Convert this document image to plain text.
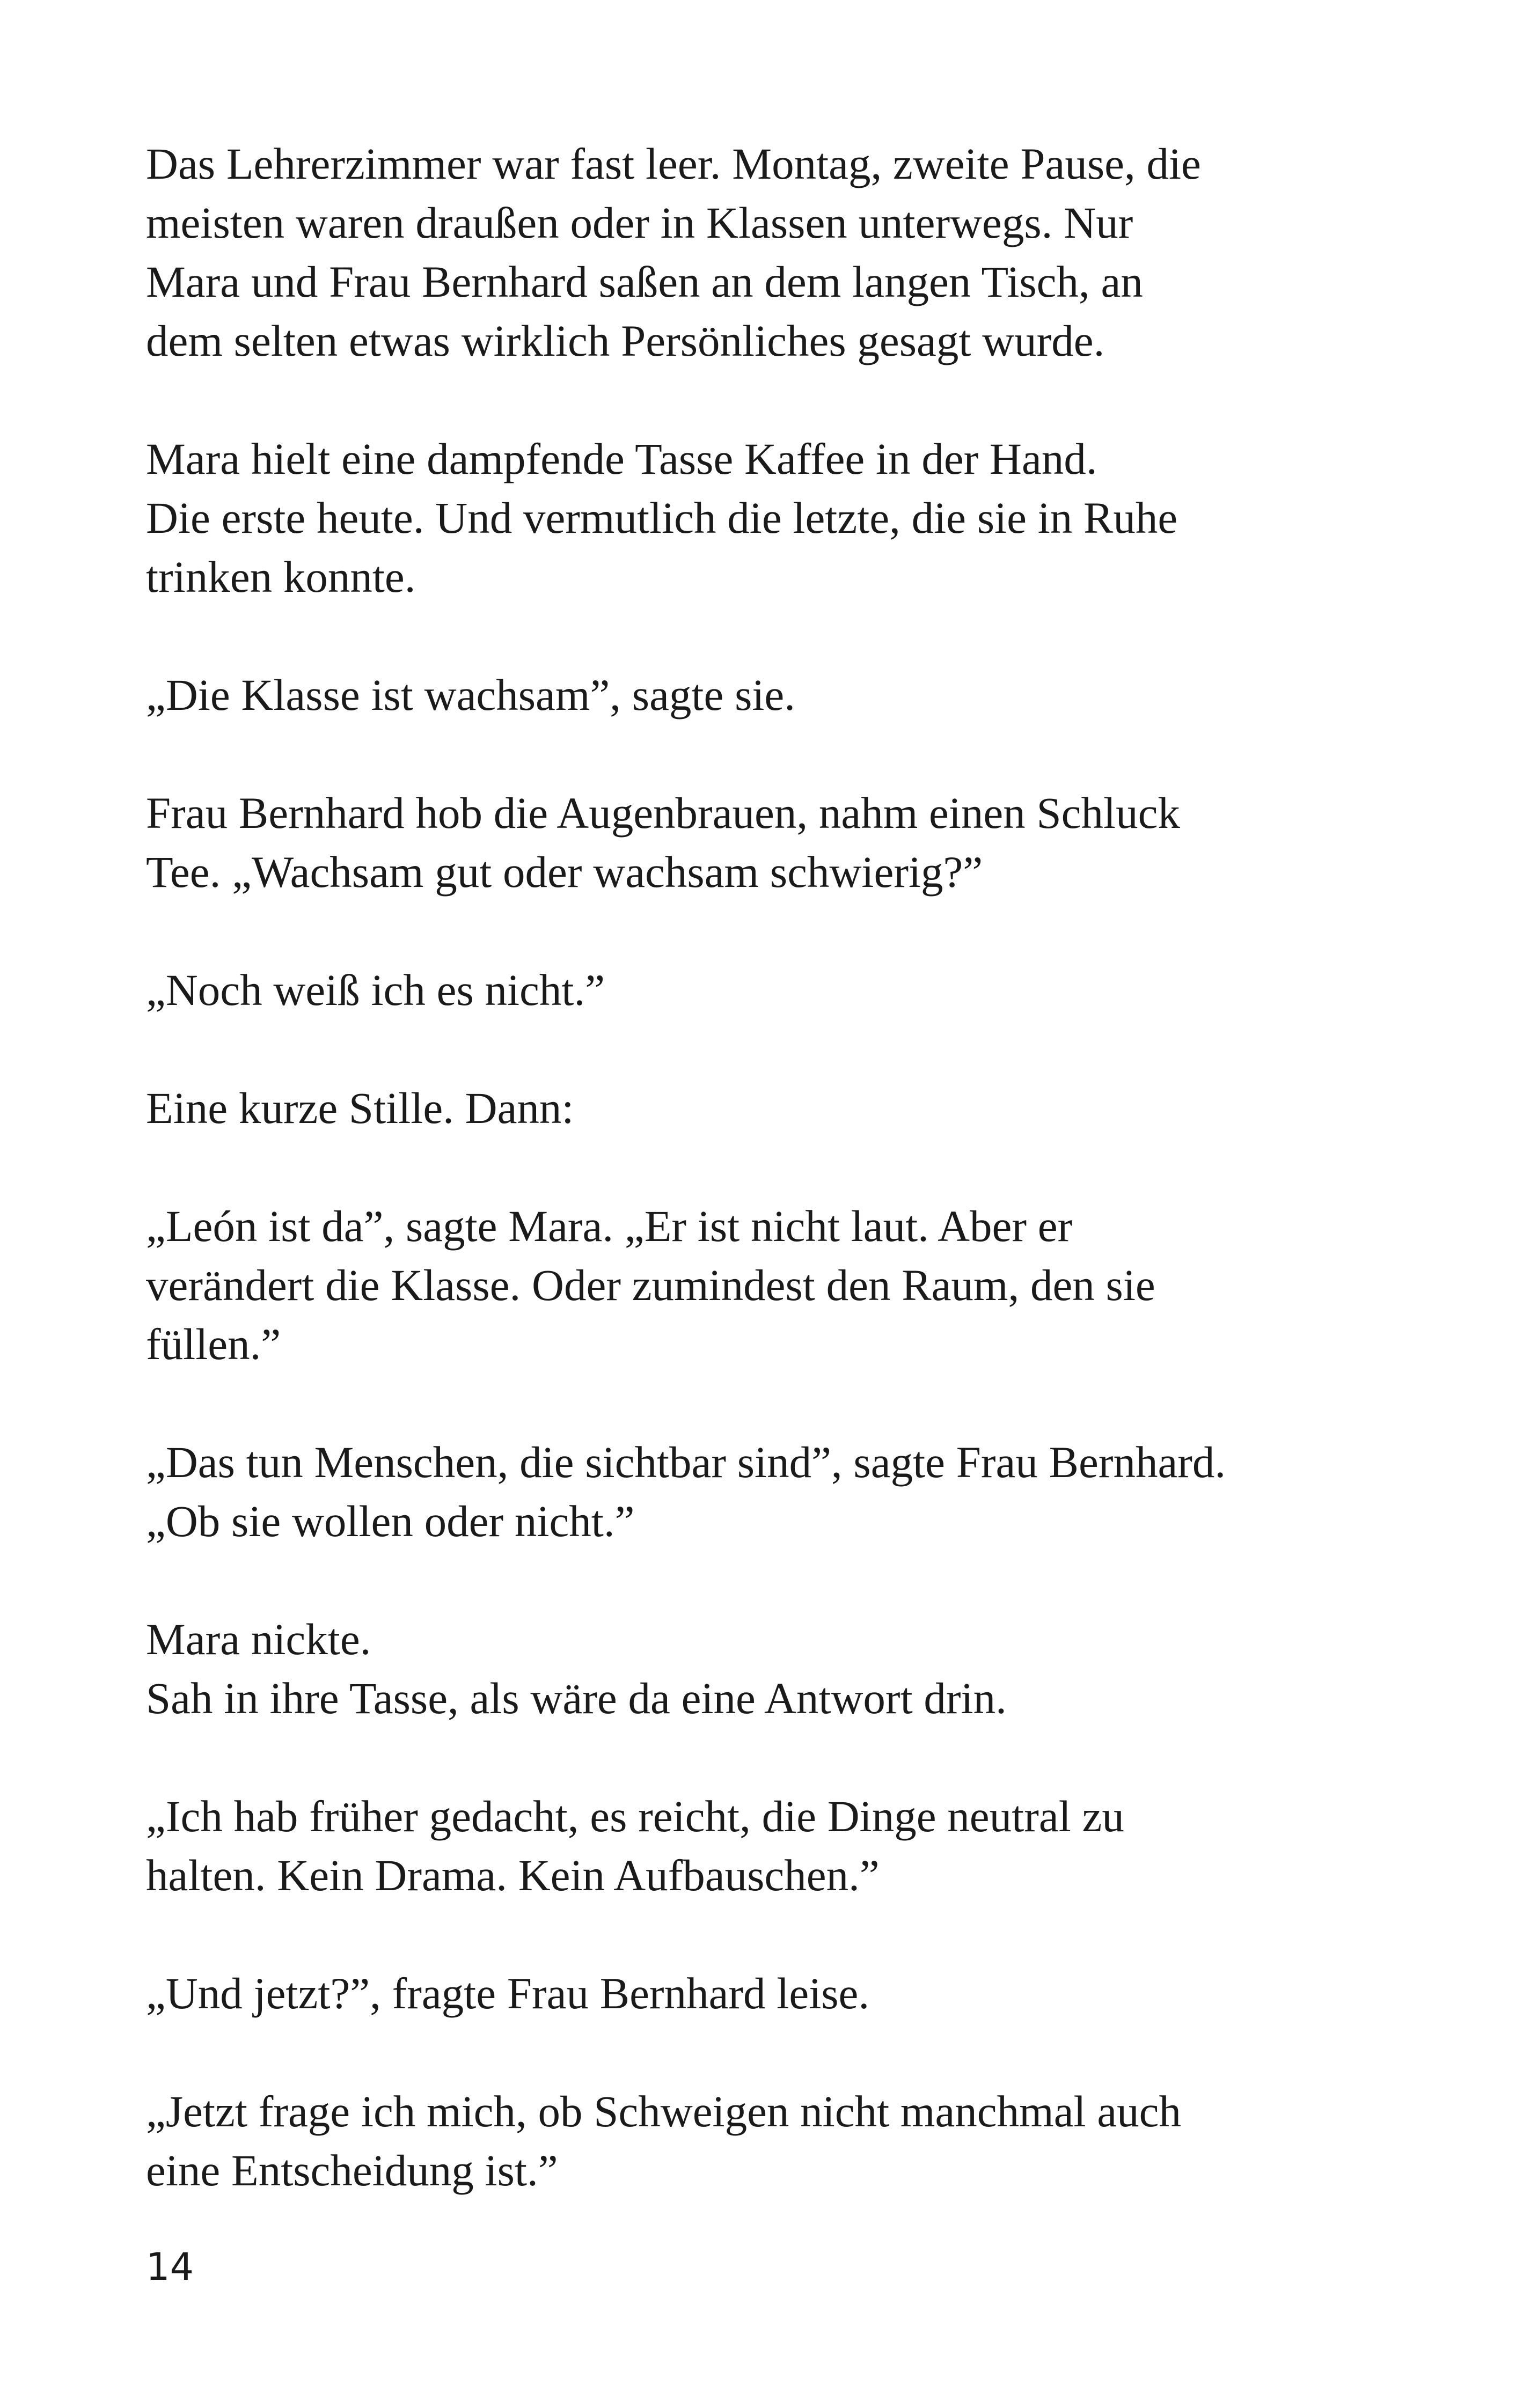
Das Lehrerzimmer war fast leer. Montag, zweite Pause, die
meisten waren draußen oder in Klassen unterwegs. Nur
Mara und Frau Bernhard saßen an dem langen Tisch, an
dem selten etwas wirklich Persönliches gesagt wurde.

Mara hielt eine dampfende Tasse Kaffee in der Hand.
Die erste heute. Und vermutlich die letzte, die sie in Ruhe
trinken konnte.

„Die Klasse ist wachsam”, sagte sie.

Frau Bernhard hob die Augenbrauen, nahm einen Schluck
Tee. „Wachsam gut oder wachsam schwierig?”

„Noch weiß ich es nicht.”

Eine kurze Stille. Dann:

„León ist da”, sagte Mara. „Er ist nicht laut. Aber er
verändert die Klasse. Oder zumindest den Raum, den sie
füllen.”

„Das tun Menschen, die sichtbar sind”, sagte Frau Bernhard.
„Ob sie wollen oder nicht.”

Mara nickte.
Sah in ihre Tasse, als wäre da eine Antwort drin.

„Ich hab früher gedacht, es reicht, die Dinge neutral zu
halten. Kein Drama. Kein Aufbauschen.”

„Und jetzt?”, fragte Frau Bernhard leise.

„Jetzt frage ich mich, ob Schweigen nicht manchmal auch
eine Entscheidung ist.”

14
